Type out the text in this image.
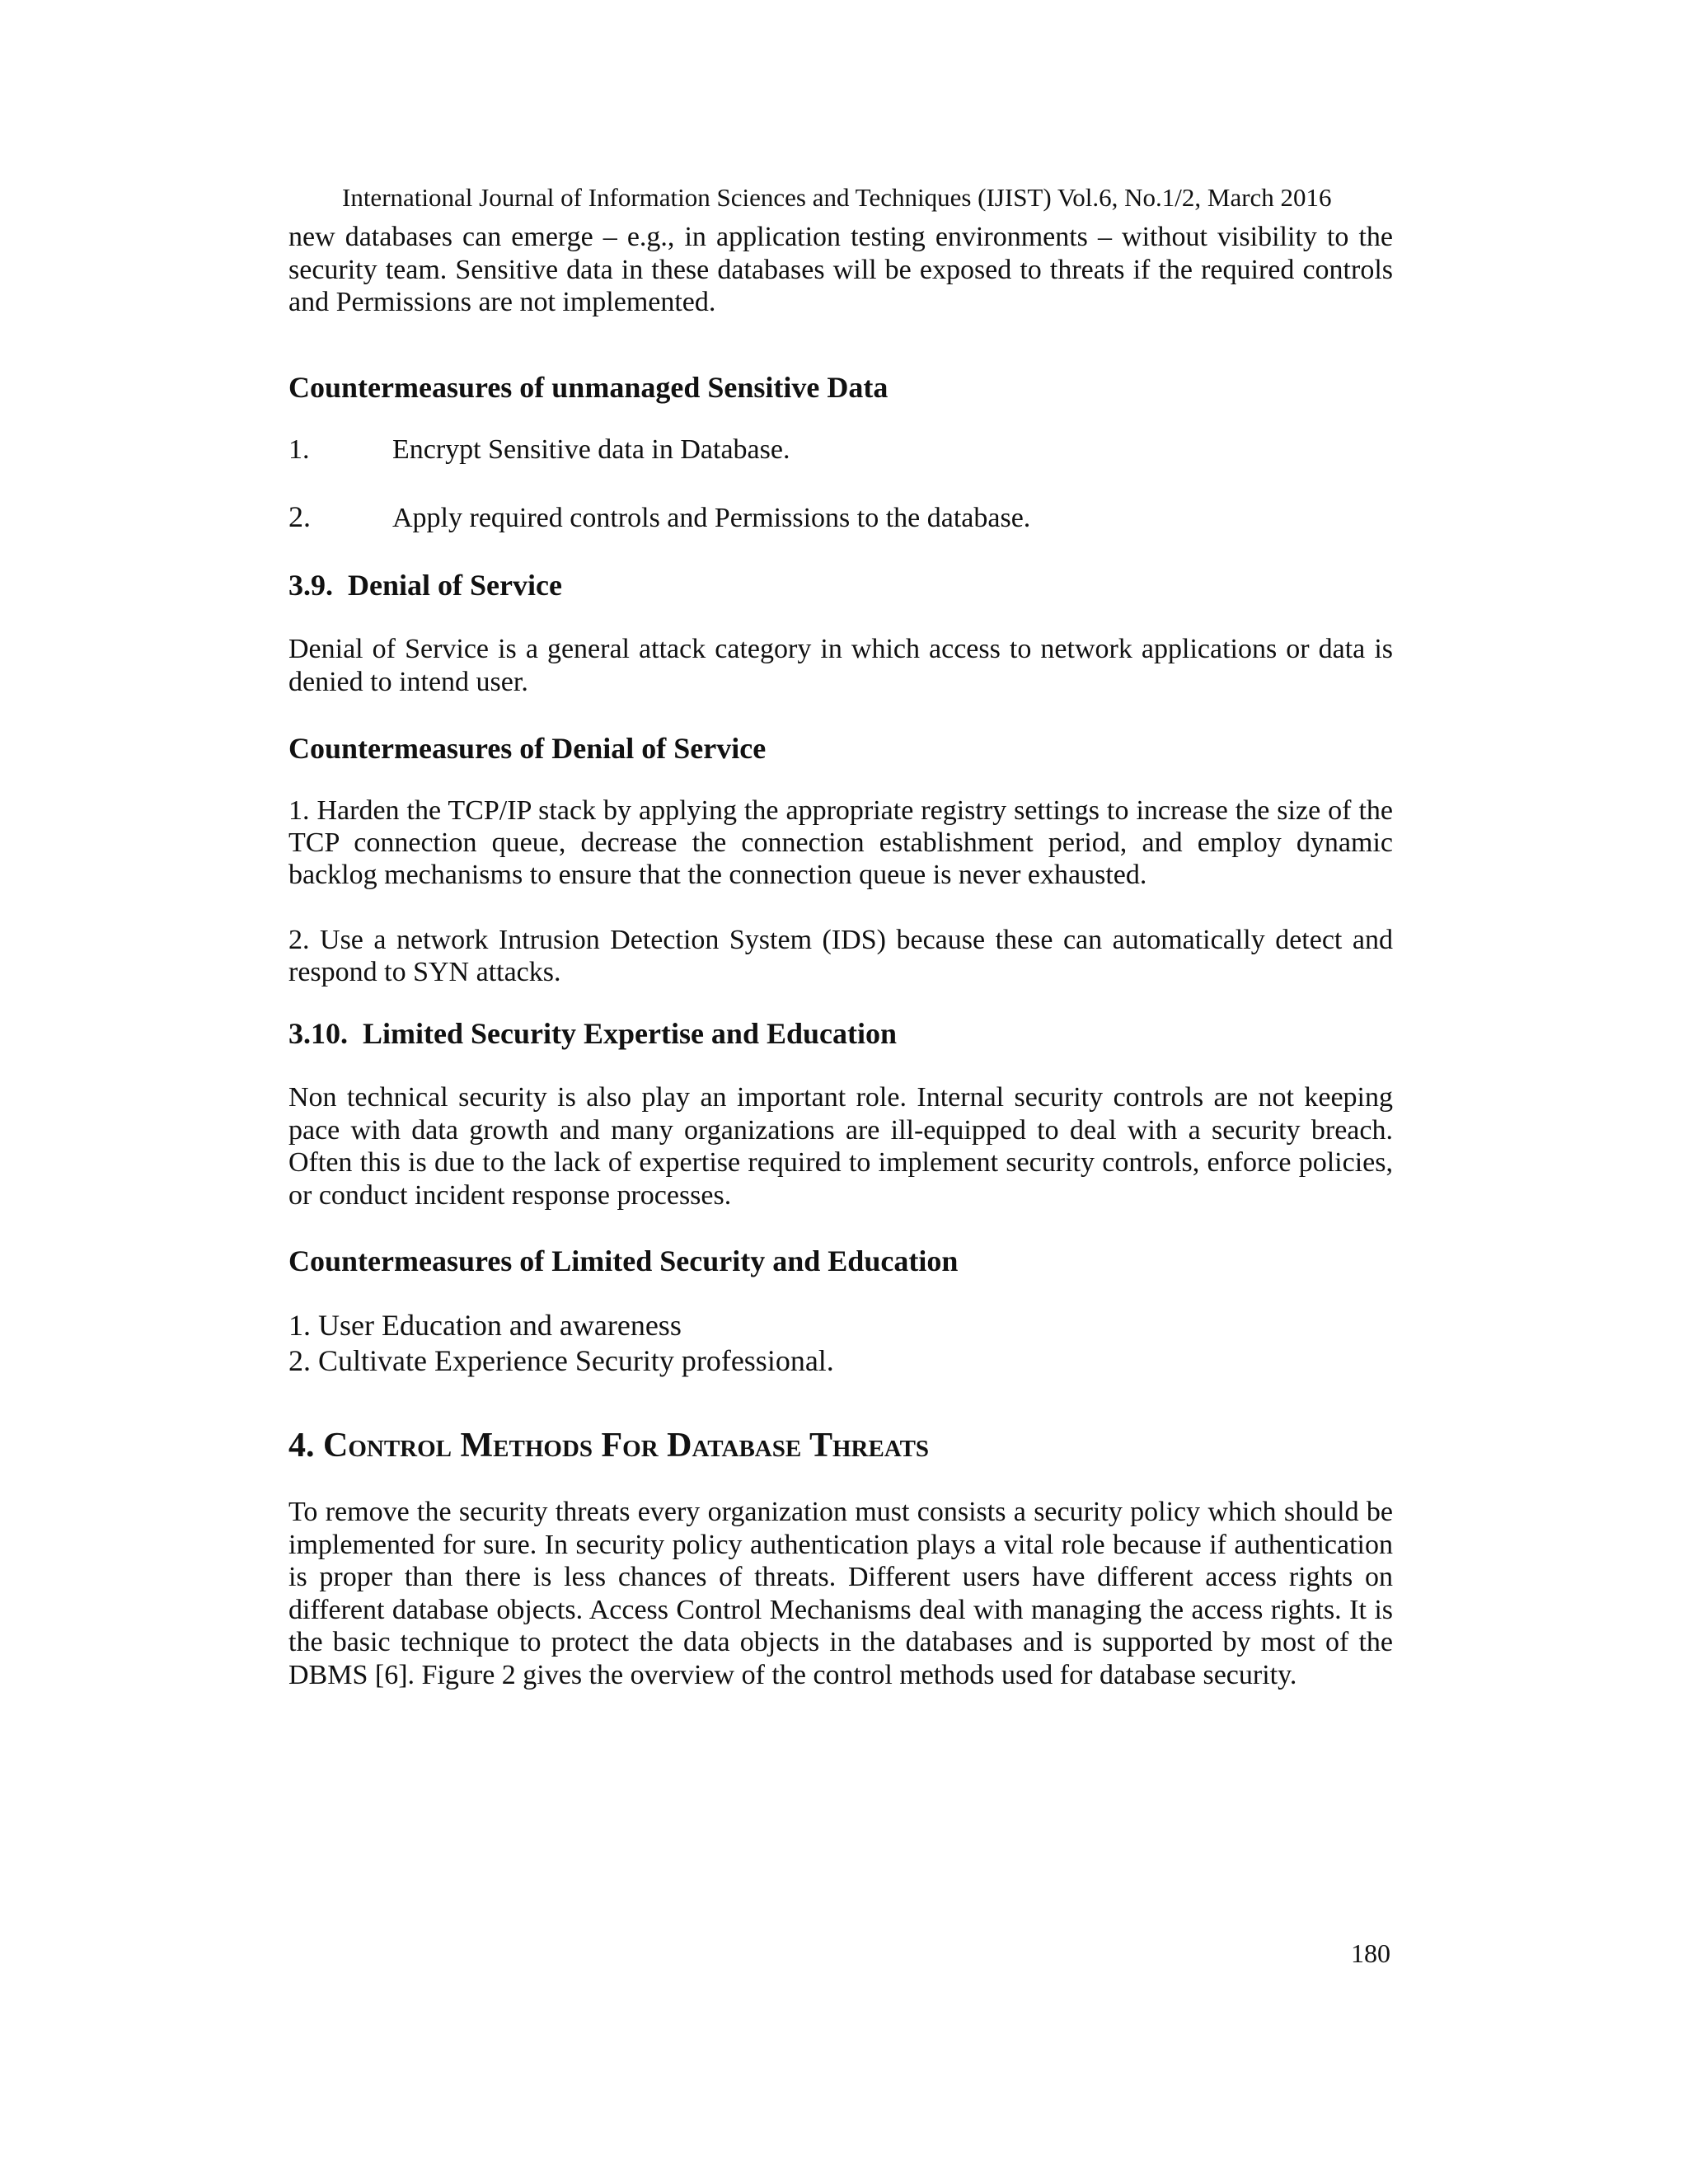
International Journal of Information Sciences and Techniques (IJIST) Vol.6, No.1/2, March 2016

new databases can emerge – e.g., in application testing environments – without visibility to the security team. Sensitive data in these databases will be exposed to threats if the required controls and Permissions are not implemented.

Countermeasures of unmanaged Sensitive Data
1.	Encrypt Sensitive data in Database.
2.	Apply required controls and Permissions to the database.
3.9. Denial of Service

Denial of Service is a general attack category in which access to network applications or data is denied to intend user.

Countermeasures of Denial of Service

1. Harden the TCP/IP stack by applying the appropriate registry settings to increase the size of the TCP connection queue, decrease the connection establishment period, and employ dynamic backlog mechanisms to ensure that the connection queue is never exhausted.

2. Use a network Intrusion Detection System (IDS) because these can automatically detect and respond to SYN attacks.

3.10. Limited Security Expertise and Education

Non technical security is also play an important role. Internal security controls are not keeping pace with data growth and many organizations are ill-equipped to deal with a security breach. Often this is due to the lack of expertise required to implement security controls, enforce policies, or conduct incident response processes.

Countermeasures of Limited Security and Education
1. User Education and awareness
2. Cultivate Experience Security professional.
4. Control Methods For Database Threats

To remove the security threats every organization must consists a security policy which should be implemented for sure. In security policy authentication plays a vital role because if authentication is proper than there is less chances of threats. Different users have different access rights on different database objects. Access Control Mechanisms deal with managing the access rights. It is the basic technique to protect the data objects in the databases and is supported by most of the DBMS [6]. Figure 2 gives the overview of the control methods used for database security.

180
